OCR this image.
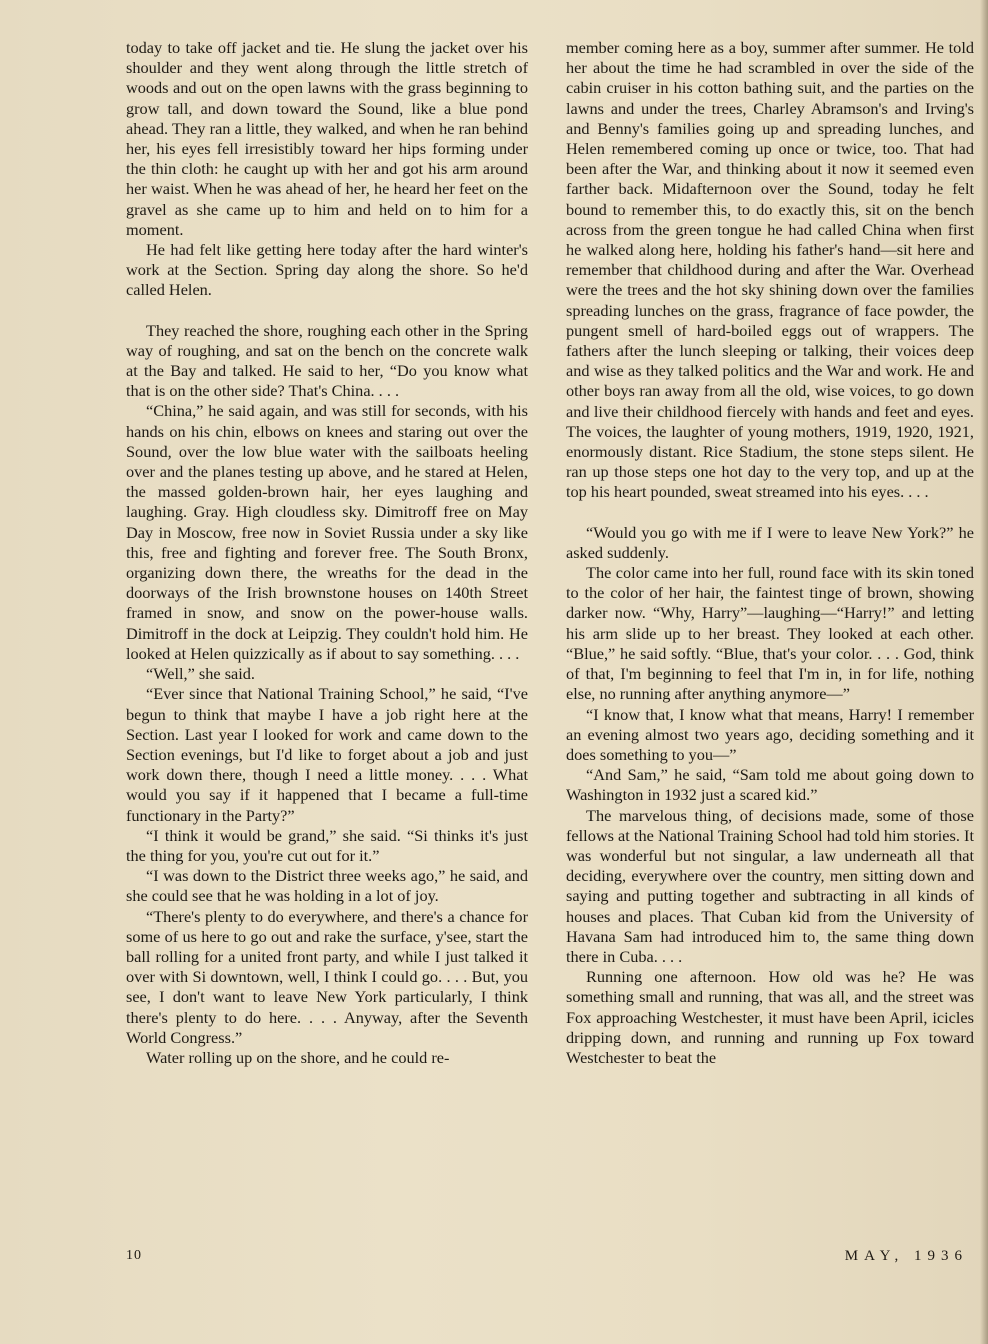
today to take off jacket and tie. He slung the jacket over his shoulder and they went along through the little stretch of woods and out on the open lawns with the grass beginning to grow tall, and down toward the Sound, like a blue pond ahead. They ran a little, they walked, and when he ran behind her, his eyes fell irresistibly toward her hips forming under the thin cloth: he caught up with her and got his arm around her waist. When he was ahead of her, he heard her feet on the gravel as she came up to him and held on to him for a moment.

He had felt like getting here today after the hard winter's work at the Section. Spring day along the shore. So he'd called Helen.

They reached the shore, roughing each other in the Spring way of roughing, and sat on the bench on the concrete walk at the Bay and talked. He said to her, “Do you know what that is on the other side? That's China. . . .

“China,” he said again, and was still for seconds, with his hands on his chin, elbows on knees and staring out over the Sound, over the low blue water with the sailboats heeling over and the planes testing up above, and he stared at Helen, the massed golden-brown hair, her eyes laughing and laughing. Gray. High cloudless sky. Dimitroff free on May Day in Moscow, free now in Soviet Russia under a sky like this, free and fighting and forever free. The South Bronx, organizing down there, the wreaths for the dead in the doorways of the Irish brownstone houses on 140th Street framed in snow, and snow on the power-house walls. Dimitroff in the dock at Leipzig. They couldn't hold him. He looked at Helen quizzically as if about to say something. . . .

“Well,” she said.

“Ever since that National Training School,” he said, “I've begun to think that maybe I have a job right here at the Section. Last year I looked for work and came down to the Section evenings, but I'd like to forget about a job and just work down there, though I need a little money. . . . What would you say if it happened that I became a full-time functionary in the Party?”

“I think it would be grand,” she said. “Si thinks it's just the thing for you, you're cut out for it.”

“I was down to the District three weeks ago,” he said, and she could see that he was holding in a lot of joy.

“There's plenty to do everywhere, and there's a chance for some of us here to go out and rake the surface, y'see, start the ball rolling for a united front party, and while I just talked it over with Si downtown, well, I think I could go. . . . But, you see, I don't want to leave New York particularly, I think there's plenty to do here. . . . Anyway, after the Seventh World Congress.”

Water rolling up on the shore, and he could re-

member coming here as a boy, summer after summer. He told her about the time he had scrambled in over the side of the cabin cruiser in his cotton bathing suit, and the parties on the lawns and under the trees, Charley Abramson's and Irving's and Benny's families going up and spreading lunches, and Helen remembered coming up once or twice, too. That had been after the War, and thinking about it now it seemed even farther back. Midafternoon over the Sound, today he felt bound to remember this, to do exactly this, sit on the bench across from the green tongue he had called China when first he walked along here, holding his father's hand—sit here and remember that childhood during and after the War. Overhead were the trees and the hot sky shining down over the families spreading lunches on the grass, fragrance of face powder, the pungent smell of hard-boiled eggs out of wrappers. The fathers after the lunch sleeping or talking, their voices deep and wise as they talked politics and the War and work. He and other boys ran away from all the old, wise voices, to go down and live their childhood fiercely with hands and feet and eyes. The voices, the laughter of young mothers, 1919, 1920, 1921, enormously distant. Rice Stadium, the stone steps silent. He ran up those steps one hot day to the very top, and up at the top his heart pounded, sweat streamed into his eyes. . . .

“Would you go with me if I were to leave New York?” he asked suddenly.

The color came into her full, round face with its skin toned to the color of her hair, the faintest tinge of brown, showing darker now. “Why, Harry”—laughing—“Harry!” and letting his arm slide up to her breast. They looked at each other. “Blue,” he said softly. “Blue, that's your color. . . . God, think of that, I'm beginning to feel that I'm in, in for life, nothing else, no running after anything anymore—”

“I know that, I know what that means, Harry! I remember an evening almost two years ago, deciding something and it does something to you—”

“And Sam,” he said, “Sam told me about going down to Washington in 1932 just a scared kid.”

The marvelous thing, of decisions made, some of those fellows at the National Training School had told him stories. It was wonderful but not singular, a law underneath all that deciding, everywhere over the country, men sitting down and saying and putting together and subtracting in all kinds of houses and places. That Cuban kid from the University of Havana Sam had introduced him to, the same thing down there in Cuba. . . .

Running one afternoon. How old was he? He was something small and running, that was all, and the street was Fox approaching Westchester, it must have been April, icicles dripping down, and running and running up Fox toward Westchester to beat the

10	MAY, 1936
